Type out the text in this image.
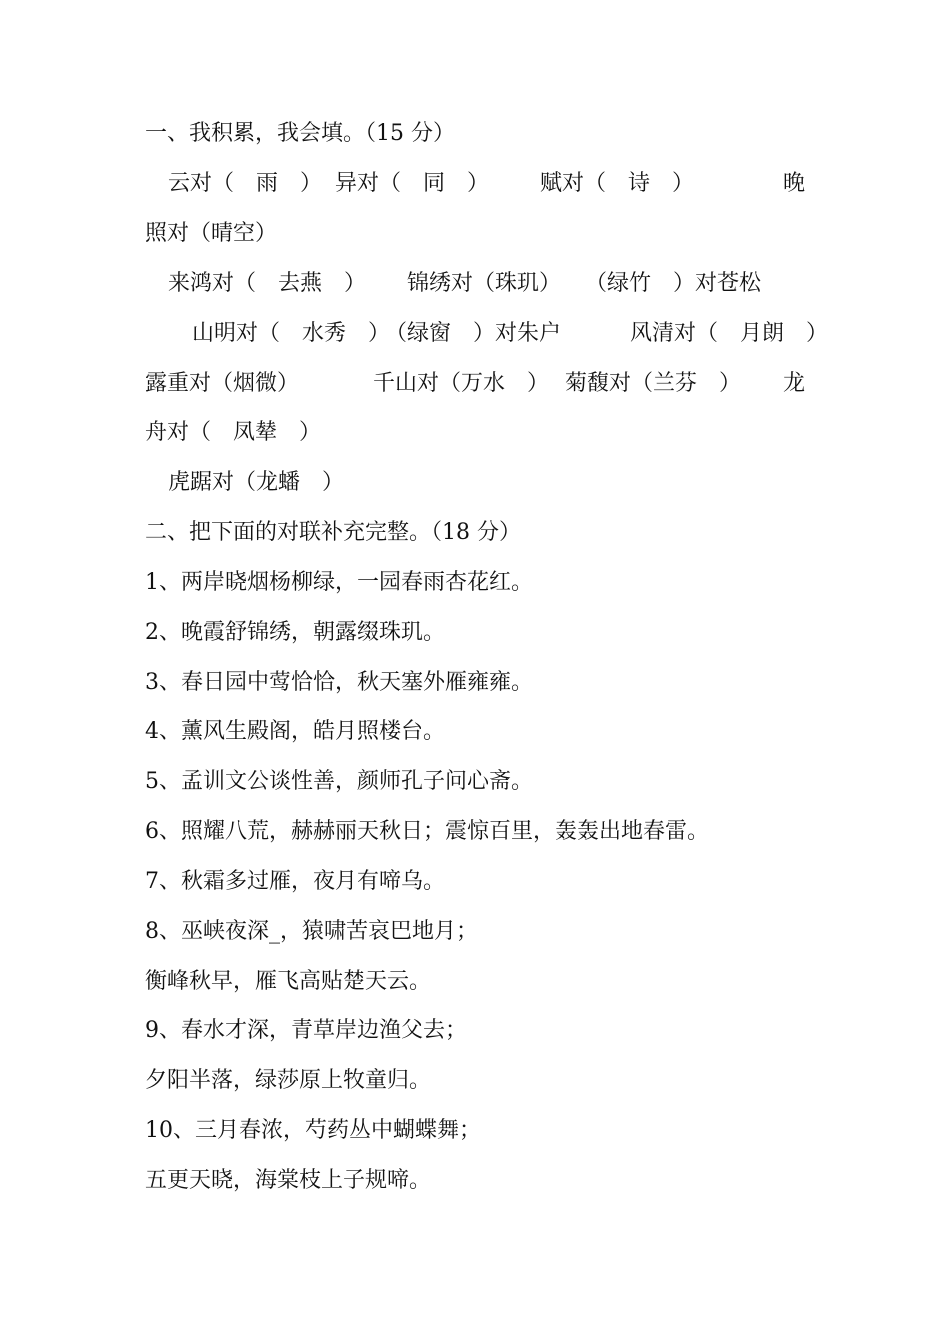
一、我积累，我会填。（15 分）
云对（　雨　） 异对（　同　） 赋对（　诗　）	晚
照对（晴空）
来鸿对（　去燕　） 锦绣对（珠玑） （绿竹　）对苍松
山明对（　水秀　）
（绿窗　）对朱户	风清对（　月朗　）
露重对（烟微）	千山对（万水　） 菊馥对（兰芬　） 龙
舟对（　凤辇　）
虎踞对（龙蟠　）
二、把下面的对联补充完整。（18 分）
1、两岸晓烟杨柳绿，一园春雨杏花红。
2、晚霞舒锦绣，朝露缀珠玑。
3、春日园中莺恰恰，秋天塞外雁雍雍。
4、薰风生殿阁，皓月照楼台。
5、孟训文公谈性善，颜师孔子问心斋。
6、照耀八荒，赫赫丽天秋日；震惊百里，轰轰出地春雷。
7、秋霜多过雁，夜月有啼乌。
8、巫峡夜深_，猿啸苦哀巴地月；
衡峰秋早，雁飞高贴楚天云。
9、春水才深，青草岸边渔父去；
夕阳半落，绿莎原上牧童归。
10、三月春浓，芍药丛中蝴蝶舞；
五更天晓，海棠枝上子规啼。
